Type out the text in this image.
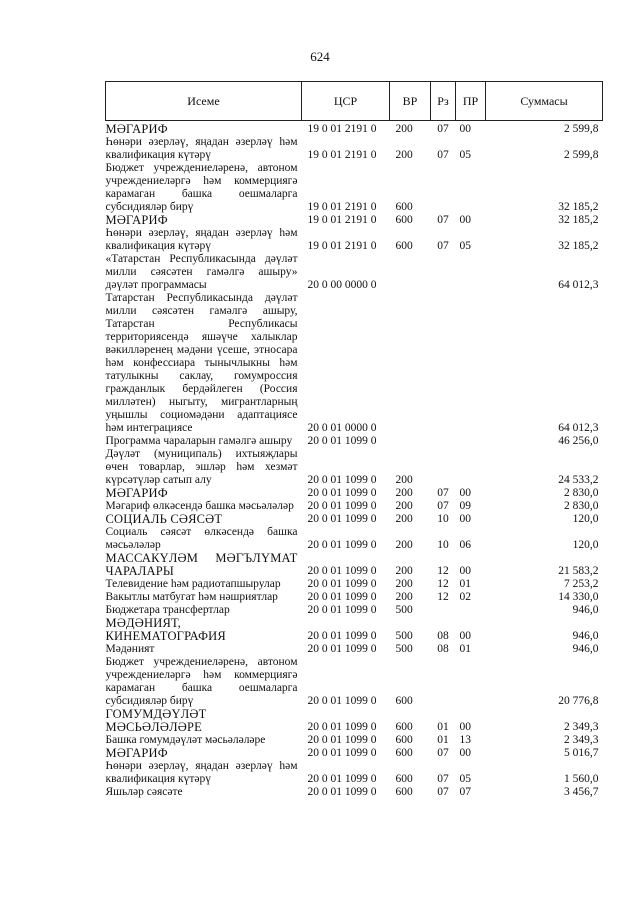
624
Исеме	ЦСР	ВР	Рз	ПР	Суммасы
МӘГАРИФ	19 0 01 2191 0	200	07	00	2 599,8
Һөнәри әзерләү, яңадан әзерләү һәм квалификация күтәрү	19 0 01 2191 0	200	07	05	2 599,8
Бюджет учреждениеләренә, автоном учреждениеләргә һәм коммерциягә карамаган башка оешмаларга субсидияләр бирү	19 0 01 2191 0	600			32 185,2
МӘГАРИФ	19 0 01 2191 0	600	07	00	32 185,2
Һөнәри әзерләү, яңадан әзерләү һәм квалификация күтәрү	19 0 01 2191 0	600	07	05	32 185,2
«Татарстан Республикасында дәүләт милли сәясәтен гамәлгә ашыру» дәүләт программасы	20 0 00 0000 0				64 012,3
Татарстан Республикасында дәүләт милли сәясәтен гамәлгә ашыру, Татарстан Республикасы территориясендә яшәүче халыклар вәкилләренең мәдәни үсеше, этносара һәм конфессиара тынычлыкны һәм татулыкны саклау, гомумроссия гражданлык бердәйлеген (Россия милләтен) ныгыту, мигрантларның уңышлы социомәдәни адаптациясе һәм интеграциясе	20 0 01 0000 0				64 012,3
Программа чараларын гамәлгә ашыру	20 0 01 1099 0				46 256,0
Дәүләт (муниципаль) ихтыяҗлары өчен товарлар, эшләр һәм хезмәт күрсәтүләр сатып алу	20 0 01 1099 0	200			24 533,2
МӘГАРИФ	20 0 01 1099 0	200	07	00	2 830,0
Мәгариф өлкәсендә башка мәсьәләләр	20 0 01 1099 0	200	07	09	2 830,0
СОЦИАЛЬ СӘЯСӘТ	20 0 01 1099 0	200	10	00	120,0
Социаль сәясәт өлкәсендә башка мәсьәләләр	20 0 01 1099 0	200	10	06	120,0
МАССАКҮЛӘМ МӘГЪЛҮМАТ ЧАРАЛАРЫ	20 0 01 1099 0	200	12	00	21 583,2
Телевидение һәм радиотапшырулар	20 0 01 1099 0	200	12	01	7 253,2
Вакытлы матбугат һәм нәшриятлар	20 0 01 1099 0	200	12	02	14 330,0
Бюджетара трансфертлар	20 0 01 1099 0	500			946,0
МӘДӘНИЯТ, КИНЕМАТОГРАФИЯ	20 0 01 1099 0	500	08	00	946,0
Мәдәният	20 0 01 1099 0	500	08	01	946,0
Бюджет учреждениеләренә, автоном учреждениеләргә һәм коммерциягә карамаган башка оешмаларга субсидияләр бирү	20 0 01 1099 0	600			20 776,8
ГОМУМДӘҮЛӘТ МӘСЬӘЛӘЛӘРЕ	20 0 01 1099 0	600	01	00	2 349,3
Башка гомумдәүләт мәсьәләләре	20 0 01 1099 0	600	01	13	2 349,3
МӘГАРИФ	20 0 01 1099 0	600	07	00	5 016,7
Һөнәри әзерләү, яңадан әзерләү һәм квалификация күтәрү	20 0 01 1099 0	600	07	05	1 560,0
Яшьләр сәясәте	20 0 01 1099 0	600	07	07	3 456,7
